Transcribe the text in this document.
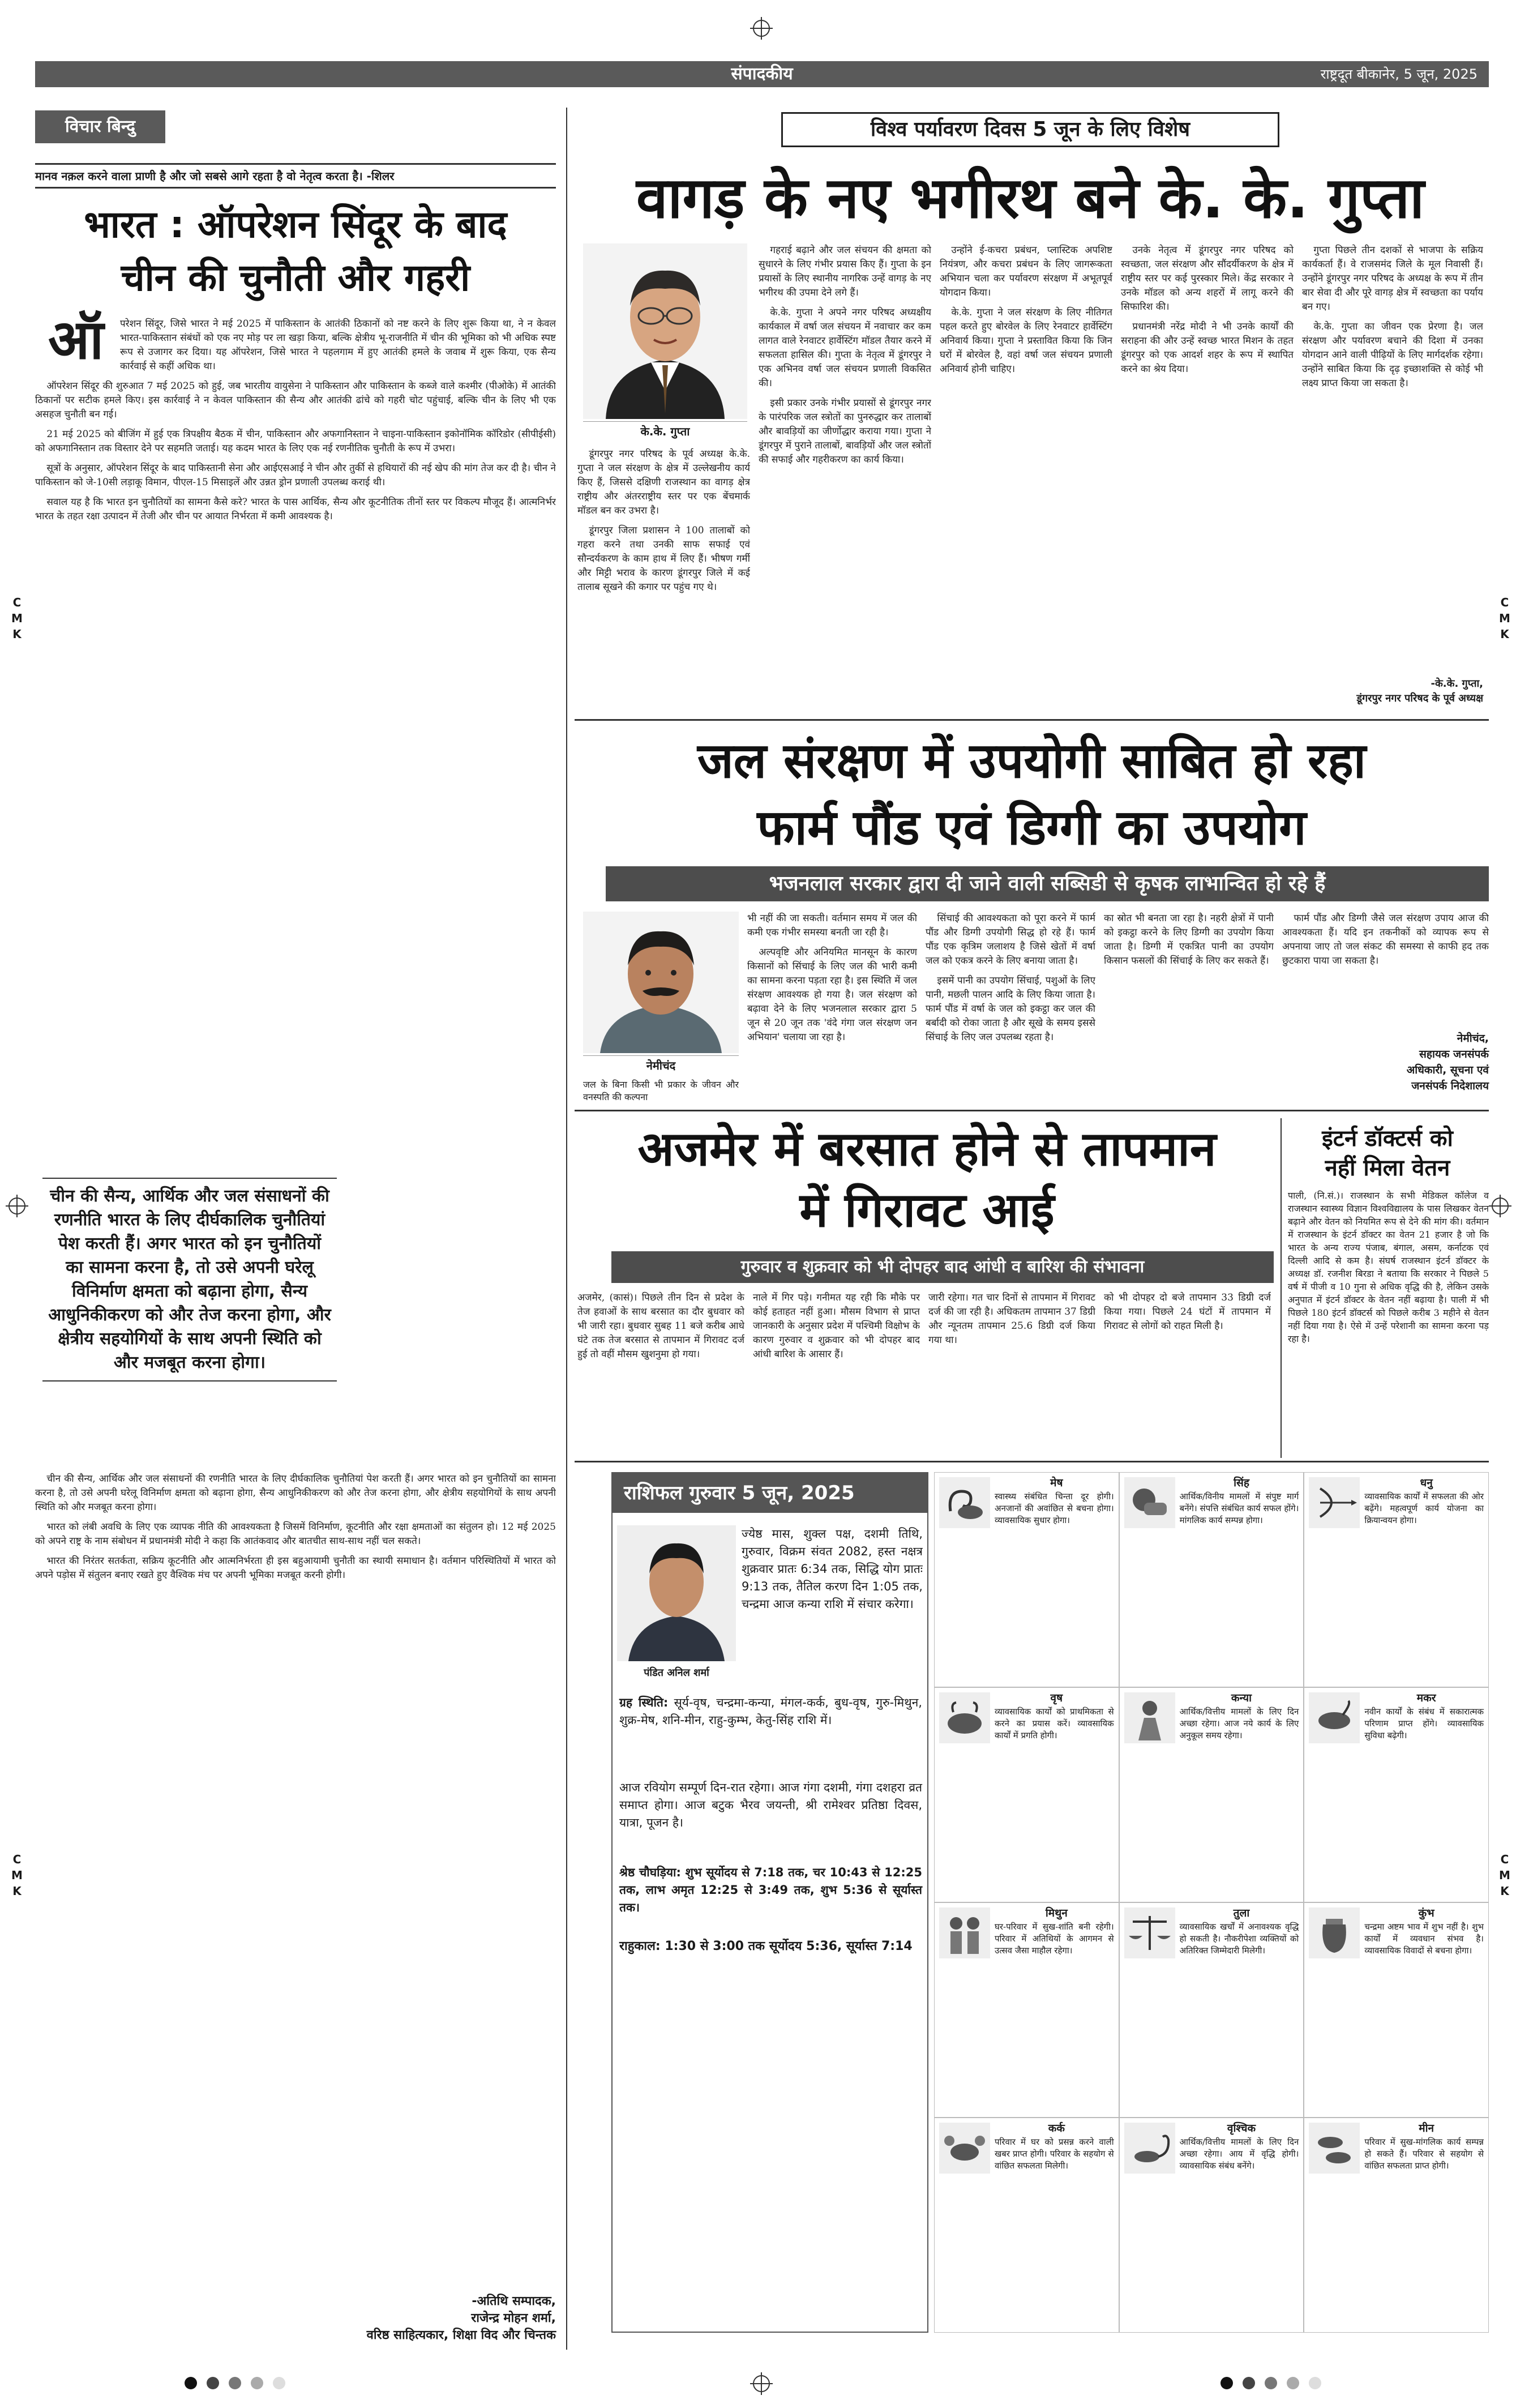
संपादकीय	राष्ट्रदूत बीकानेर, 5 जून, 2025
विचार बिन्दु
मानव नक़ल करने वाला प्राणी है और जो सबसे आगे रहता है वो नेतृत्व करता है। -शिलर
भारत : ऑपरेशन सिंदूर के बाद
चीन की चुनौती और गहरी
ऑ परेशन सिंदूर, जिसे भारत ने मई 2025 में पाकिस्तान के आतंकी ठिकानों को नष्ट करने के लिए शुरू किया था, ने न केवल भारत-पाकिस्तान संबंधों को एक नए मोड़ पर ला खड़ा किया, बल्कि क्षेत्रीय भू-राजनीति में चीन की भूमिका को भी अधिक स्पष्ट रूप से उजागर कर दिया। यह ऑपरेशन, जिसे भारत ने पहलगाम में हुए आतंकी हमले के जवाब में शुरू किया, एक सैन्य कार्रवाई से कहीं अधिक था।

ऑपरेशन सिंदूर की शुरुआत 7 मई 2025 को हुई, जब भारतीय वायुसेना ने पाकिस्तान और पाकिस्तान के कब्जे वाले कश्मीर (पीओके) में आतंकी ठिकानों पर सटीक हमले किए। इस कार्रवाई ने न केवल पाकिस्तान की सैन्य और आतंकी ढांचे को गहरी चोट पहुंचाई, बल्कि चीन के लिए भी एक असहज चुनौती बन गई।

21 मई 2025 को बीजिंग में हुई एक त्रिपक्षीय बैठक में चीन, पाकिस्तान और अफगानिस्तान ने चाइना-पाकिस्तान इकोनॉमिक कॉरिडोर (सीपीईसी) को अफगानिस्तान तक विस्तार देने पर सहमति जताई। यह कदम भारत के लिए एक नई रणनीतिक चुनौती के रूप में उभरा।

सूत्रों के अनुसार, ऑपरेशन सिंदूर के बाद पाकिस्तानी सेना और आईएसआई ने चीन और तुर्की से हथियारों की नई खेप की मांग तेज कर दी है। चीन ने पाकिस्तान को जे-10सी लड़ाकू विमान, पीएल-15 मिसाइलें और उन्नत ड्रोन प्रणाली उपलब्ध कराई थी।

सवाल यह है कि भारत इन चुनौतियों का सामना कैसे करे? भारत के पास आर्थिक, सैन्य और कूटनीतिक तीनों स्तर पर विकल्प मौजूद हैं। आत्मनिर्भर भारत के तहत रक्षा उत्पादन में तेजी और चीन पर आयात निर्भरता में कमी आवश्यक है।

चीन की सैन्य, आर्थिक और जल संसाधनों की रणनीति भारत के लिए दीर्घकालिक चुनौतियां पेश करती हैं। अगर भारत को इन चुनौतियों का सामना करना है, तो उसे अपनी घरेलू विनिर्माण क्षमता को बढ़ाना होगा, सैन्य आधुनिकीकरण को और तेज करना होगा, और क्षेत्रीय सहयोगियों के साथ अपनी स्थिति को और मजबूत करना होगा।

चीन की सैन्य, आर्थिक और जल संसाधनों की रणनीति भारत के लिए दीर्घकालिक चुनौतियां पेश करती हैं। अगर भारत को इन चुनौतियों का सामना करना है, तो उसे अपनी घरेलू विनिर्माण क्षमता को बढ़ाना होगा, सैन्य आधुनिकीकरण को और तेज करना होगा, और क्षेत्रीय सहयोगियों के साथ अपनी स्थिति को और मजबूत करना होगा।

भारत को लंबी अवधि के लिए एक व्यापक नीति की आवश्यकता है जिसमें विनिर्माण, कूटनीति और रक्षा क्षमताओं का संतुलन हो। 12 मई 2025 को अपने राष्ट्र के नाम संबोधन में प्रधानमंत्री मोदी ने कहा कि आतंकवाद और बातचीत साथ-साथ नहीं चल सकते।

भारत की निरंतर सतर्कता, सक्रिय कूटनीति और आत्मनिर्भरता ही इस बहुआयामी चुनौती का स्थायी समाधान है। वर्तमान परिस्थितियों में भारत को अपने पड़ोस में संतुलन बनाए रखते हुए वैश्विक मंच पर अपनी भूमिका मजबूत करनी होगी।

-अतिथि सम्पादक,
राजेन्द्र मोहन शर्मा,
वरिष्ठ साहित्यकार, शिक्षा विद और चिन्तक
विश्व पर्यावरण दिवस 5 जून के लिए विशेष
वागड़ के नए भगीरथ बने के. के. गुप्ता
के.के. गुप्ता

डूंगरपुर नगर परिषद के पूर्व अध्यक्ष के.के. गुप्ता ने जल संरक्षण के क्षेत्र में उल्लेखनीय कार्य किए हैं, जिससे दक्षिणी राजस्थान का वागड़ क्षेत्र राष्ट्रीय और अंतरराष्ट्रीय स्तर पर एक बेंचमार्क मॉडल बन कर उभरा है।

डूंगरपुर जिला प्रशासन ने 100 तालाबों को गहरा करने तथा उनकी साफ सफाई एवं सौन्दर्यकरण के काम हाथ में लिए हैं। भीषण गर्मी और मिट्टी भराव के कारण डूंगरपुर जिले में कई तालाब सूखने की कगार पर पहुंच गए थे।

गहराई बढ़ाने और जल संचयन की क्षमता को सुधारने के लिए गंभीर प्रयास किए हैं। गुप्ता के इन प्रयासों के लिए स्थानीय नागरिक उन्हें वागड़ के नए भगीरथ की उपमा देने लगे हैं।

के.के. गुप्ता ने अपने नगर परिषद अध्यक्षीय कार्यकाल में वर्षा जल संचयन में नवाचार कर कम लागत वाले रेनवाटर हार्वेस्टिंग मॉडल तैयार करने में सफलता हासिल की। गुप्ता के नेतृत्व में डूंगरपुर ने एक अभिनव वर्षा जल संचयन प्रणाली विकसित की।

इसी प्रकार उनके गंभीर प्रयासों से डूंगरपुर नगर के पारंपरिक जल स्त्रोतों का पुनरुद्धार कर तालाबों और बावड़ियों का जीर्णोद्धार कराया गया। गुप्ता ने डूंगरपुर में पुराने तालाबों, बावड़ियों और जल स्त्रोतों की सफाई और गहरीकरण का कार्य किया।

उन्होंने ई-कचरा प्रबंधन, प्लास्टिक अपशिष्ट नियंत्रण, और कचरा प्रबंधन के लिए जागरूकता अभियान चला कर पर्यावरण संरक्षण में अभूतपूर्व योगदान किया।

के.के. गुप्ता ने जल संरक्षण के लिए नीतिगत पहल करते हुए बोरवेल के लिए रेनवाटर हार्वेस्टिंग अनिवार्य किया। गुप्ता ने प्रस्तावित किया कि जिन घरों में बोरवेल है, वहां वर्षा जल संचयन प्रणाली अनिवार्य होनी चाहिए।

उनके नेतृत्व में डूंगरपुर नगर परिषद को स्वच्छता, जल संरक्षण और सौंदर्यीकरण के क्षेत्र में राष्ट्रीय स्तर पर कई पुरस्कार मिले। केंद्र सरकार ने उनके मॉडल को अन्य शहरों में लागू करने की सिफारिश की।

प्रधानमंत्री नरेंद्र मोदी ने भी उनके कार्यों की सराहना की और उन्हें स्वच्छ भारत मिशन के तहत डूंगरपुर को एक आदर्श शहर के रूप में स्थापित करने का श्रेय दिया।

गुप्ता पिछले तीन दशकों से भाजपा के सक्रिय कार्यकर्ता हैं। वे राजसमंद जिले के मूल निवासी हैं। उन्होंने डूंगरपुर नगर परिषद के अध्यक्ष के रूप में तीन बार सेवा दी और पूरे वागड़ क्षेत्र में स्वच्छता का पर्याय बन गए।

के.के. गुप्ता का जीवन एक प्रेरणा है। जल संरक्षण और पर्यावरण बचाने की दिशा में उनका योगदान आने वाली पीढ़ियों के लिए मार्गदर्शक रहेगा। उन्होंने साबित किया कि दृढ़ इच्छाशक्ति से कोई भी लक्ष्य प्राप्त किया जा सकता है।

-के.के. गुप्ता,
डूंगरपुर नगर परिषद के पूर्व अध्यक्ष
जल संरक्षण में उपयोगी साबित हो रहा
फार्म पौंड एवं डिग्गी का उपयोग
भजनलाल सरकार द्वारा दी जाने वाली सब्सिडी से कृषक लाभान्वित हो रहे हैं
नेमीचंद
जल के बिना किसी भी प्रकार के जीवन और वनस्पति की कल्पना

भी नहीं की जा सकती। वर्तमान समय में जल की कमी एक गंभीर समस्या बनती जा रही है।

अल्पवृष्टि और अनियमित मानसून के कारण किसानों को सिंचाई के लिए जल की भारी कमी का सामना करना पड़ता रहा है। इस स्थिति में जल संरक्षण आवश्यक हो गया है। जल संरक्षण को बढ़ावा देने के लिए भजनलाल सरकार द्वारा 5 जून से 20 जून तक 'वंदे गंगा जल संरक्षण जन अभियान' चलाया जा रहा है।

सिंचाई की आवश्यकता को पूरा करने में फार्म पौंड और डिग्गी उपयोगी सिद्ध हो रहे हैं। फार्म पौंड एक कृत्रिम जलाशय है जिसे खेतों में वर्षा जल को एकत्र करने के लिए बनाया जाता है।

इसमें पानी का उपयोग सिंचाई, पशुओं के लिए पानी, मछली पालन आदि के लिए किया जाता है। फार्म पौंड में वर्षा के जल को इकट्ठा कर जल की बर्बादी को रोका जाता है और सूखे के समय इससे सिंचाई के लिए जल उपलब्ध रहता है।

का स्रोत भी बनता जा रहा है। नहरी क्षेत्रों में पानी को इकट्ठा करने के लिए डिग्गी का उपयोग किया जाता है। डिग्गी में एकत्रित पानी का उपयोग किसान फसलों की सिंचाई के लिए कर सकते हैं।

फार्म पौंड और डिग्गी जैसे जल संरक्षण उपाय आज की आवश्यकता हैं। यदि इन तकनीकों को व्यापक रूप से अपनाया जाए तो जल संकट की समस्या से काफी हद तक छुटकारा पाया जा सकता है।

नेमीचंद,
सहायक जनसंपर्क
अधिकारी, सूचना एवं
जनसंपर्क निदेशालय
अजमेर में बरसात होने से तापमान
में गिरावट आई
गुरुवार व शुक्रवार को भी दोपहर बाद आंधी व बारिश की संभावना

अजमेर, (कासं)। पिछले तीन दिन से प्रदेश के तेज हवाओं के साथ बरसात का दौर बुधवार को भी जारी रहा। बुधवार सुबह 11 बजे करीब आधे घंटे तक तेज बरसात से तापमान में गिरावट दर्ज हुई तो वहीं मौसम खुशनुमा हो गया।

नाले में गिर पड़े। गनीमत यह रही कि मौके पर कोई हताहत नहीं हुआ। मौसम विभाग से प्राप्त जानकारी के अनुसार प्रदेश में पश्चिमी विक्षोभ के कारण गुरुवार व शुक्रवार को भी दोपहर बाद आंधी बारिश के आसार हैं।

जारी रहेगा। गत चार दिनों से तापमान में गिरावट दर्ज की जा रही है। अधिकतम तापमान 37 डिग्री और न्यूनतम तापमान 25.6 डिग्री दर्ज किया गया था।

को भी दोपहर दो बजे तापमान 33 डिग्री दर्ज किया गया। पिछले 24 घंटों में तापमान में गिरावट से लोगों को राहत मिली है।

इंटर्न डॉक्टर्स को
नहीं मिला वेतन
पाली, (नि.सं.)। राजस्थान के सभी मेडिकल कॉलेज व राजस्थान स्वास्थ्य विज्ञान विश्वविद्यालय के पास लिखकर वेतन बढ़ाने और वेतन को नियमित रूप से देने की मांग की। वर्तमान में राजस्थान के इंटर्न डॉक्टर का वेतन 21 हजार है जो कि भारत के अन्य राज्य पंजाब, बंगाल, असम, कर्नाटक एवं दिल्ली आदि से कम है। संघर्ष राजस्थान इंटर्न डॉक्टर के अध्यक्ष डॉ. रजनीश बिरडा ने बताया कि सरकार ने पिछले 5 वर्ष में पीजी व 10 गुना से अधिक वृद्धि की है, लेकिन उसके अनुपात में इंटर्न डॉक्टर के वेतन नहीं बढ़ाया है। पाली में भी पिछले 180 इंटर्न डॉक्टर्स को पिछले करीब 3 महीने से वेतन नहीं दिया गया है। ऐसे में उन्हें परेशानी का सामना करना पड़ रहा है।
राशिफल गुरुवार 5 जून, 2025
पंडित अनिल शर्मा
ज्येष्ठ मास, शुक्ल पक्ष, दशमी तिथि, गुरुवार, विक्रम संवत 2082, हस्त नक्षत्र शुक्रवार प्रातः 6:34 तक, सिद्धि योग प्रातः 9:13 तक, तैतिल करण दिन 1:05 तक, चन्द्रमा आज कन्या राशि में संचार करेगा।
ग्रह स्थिति: सूर्य-वृष, चन्द्रमा-कन्या, मंगल-कर्क, बुध-वृष, गुरु-मिथुन, शुक्र-मेष, शनि-मीन, राहु-कुम्भ, केतु-सिंह राशि में।
आज रवियोग सम्पूर्ण दिन-रात रहेगा। आज गंगा दशमी, गंगा दशहरा व्रत समाप्त होगा। आज बटुक भैरव जयन्ती, श्री रामेश्वर प्रतिष्ठा दिवस, यात्रा, पूजन है।
श्रेष्ठ चौघड़िया: शुभ सूर्योदय से 7:18 तक, चर 10:43 से 12:25 तक, लाभ अमृत 12:25 से 3:49 तक, शुभ 5:36 से सूर्यास्त तक।
राहुकाल: 1:30 से 3:00 तक सूर्योदय 5:36, सूर्यास्त 7:14
मेष
स्वास्थ्य संबंधित चिन्ता दूर होगी। अनजानों की अवांछित से बचना होगा। व्यावसायिक सुधार होगा।
सिंह
आर्थिक/विनीय मामलों में संपुष्ट मार्ग बनेंगे। संपत्ति संबंधित कार्य सफल होंगे। मांगलिक कार्य सम्पन्न होगा।
धनु
व्यावसायिक कार्यों में सफलता की ओर बढ़ेंगे। महत्वपूर्ण कार्य योजना का क्रियान्वयन होगा।
वृष
व्यावसायिक कार्यों को प्राथमिकता से करने का प्रयास करें। व्यावसायिक कार्यों में प्रगति होगी।
कन्या
आर्थिक/वित्तीय मामलों के लिए दिन अच्छा रहेगा। आज नये कार्य के लिए अनुकूल समय रहेगा।
मकर
नवीन कार्यों के संबंध में सकारात्मक परिणाम प्राप्त होंगे। व्यावसायिक सुविधा बढ़ेगी।
मिथुन
घर-परिवार में सुख-शांति बनी रहेगी। परिवार में अतिथियों के आगमन से उत्सव जैसा माहौल रहेगा।
तुला
व्यावसायिक खर्चों में अनावश्यक वृद्धि हो सकती है। नौकरीपेशा व्यक्तियों को अतिरिक्त जिम्मेदारी मिलेगी।
कुंभ
चन्द्रमा अष्टम भाव में शुभ नहीं है। शुभ कार्यों में व्यवधान संभव है। व्यावसायिक विवादों से बचना होगा।
कर्क
परिवार में घर को प्रसन्न करने वाली खबर प्राप्त होगी। परिवार के सहयोग से वांछित सफलता मिलेगी।
वृश्चिक
आर्थिक/वित्तीय मामलों के लिए दिन अच्छा रहेगा। आय में वृद्धि होगी। व्यावसायिक संबंध बनेंगे।
मीन
परिवार में सुख-मांगलिक कार्य सम्पन्न हो सकते हैं। परिवार से सहयोग से वांछित सफलता प्राप्त होगी।
C
M
K
C
M
K
C
M
K
C
M
K
